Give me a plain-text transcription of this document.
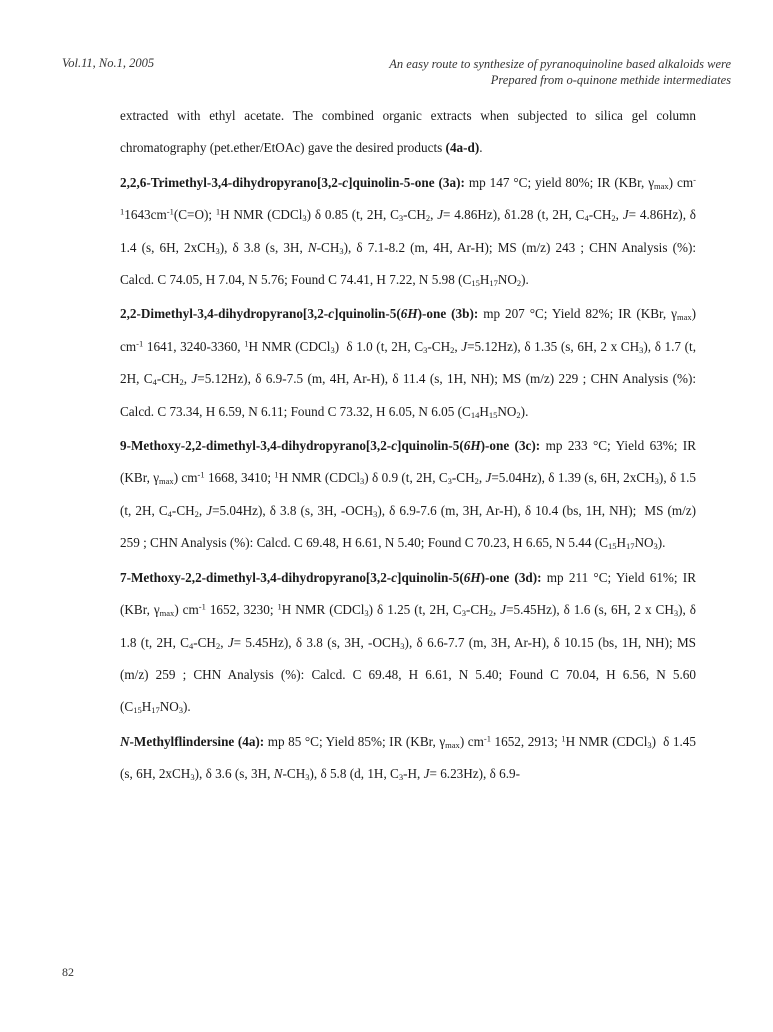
Vol.11, No.1, 2005	An easy route to synthesize of pyranoquinoline based alkaloids were
Prepared from o-quinone methide intermediates

extracted with ethyl acetate. The combined organic extracts when subjected to silica gel column chromatography (pet.ether/EtOAc) gave the desired products (4a-d).

2,2,6-Trimethyl-3,4-dihydropyrano[3,2-c]quinolin-5-one (3a): mp 147 °C; yield 80%; IR (KBr, $\gamma_{max}$) $cm^{-1}1643cm^{-1}(C=O)$; $^1$H NMR (CDCl$_3$) δ 0.85 (t, 2H, $C_3-CH_2$, J= 4.86Hz), δ1.28 (t, 2H, $C_4-CH_2$, J= 4.86Hz), δ 1.4 (s, 6H, 2xCH$_3$), δ 3.8 (s, 3H, $N-CH_3$), δ 7.1-8.2 (m, 4H, Ar-H); MS (m/z) 243 ; CHN Analysis (%): Calcd. C 74.05, H 7.04, N 5.76; Found C 74.41, H 7.22, N 5.98 $(C_{15}H_{17}NO_2)$.

2,2-Dimethyl-3,4-dihydropyrano[3,2-c]quinolin-5(6H)-one (3b): mp 207 °C; Yield 82%; IR (KBr, $\gamma_{max}$) $cm^{-1}$ 1641, 3240-3360, $^1$H NMR (CDCl$_3$)  δ 1.0 (t, 2H, $C_3-CH_2$, J=5.12Hz), δ 1.35 (s, 6H, 2 x $CH_3$), δ 1.7 (t, 2H, $C_4-CH_2$, J=5.12Hz), δ 6.9-7.5 (m, 4H, Ar-H), δ 11.4 (s, 1H, NH); MS (m/z) 229 ; CHN Analysis (%): Calcd. C 73.34, H 6.59, N 6.11; Found C 73.32, H 6.05, N 6.05 $(C_{14}H_{15}NO_2)$.

9-Methoxy-2,2-dimethyl-3,4-dihydropyrano[3,2-c]quinolin-5(6H)-one (3c): mp 233 °C; Yield 63%; IR (KBr, $\gamma_{max}$) $cm^{-1}$ 1668, 3410; $^1$H NMR (CDCl$_3$) δ 0.9 (t, 2H, $C_3-CH_2$, J=5.04Hz), δ 1.39 (s, 6H, 2xCH$_3$), δ 1.5 (t, 2H, $C_4-CH_2$, J=5.04Hz), δ 3.8 (s, 3H, $-OCH_3$), δ 6.9-7.6 (m, 3H, Ar-H), δ 10.4 (bs, 1H, NH);  MS (m/z) 259 ; CHN Analysis (%): Calcd. C 69.48, H 6.61, N 5.40; Found C 70.23, H 6.65, N 5.44 $(C_{15}H_{17}NO_3)$.

7-Methoxy-2,2-dimethyl-3,4-dihydropyrano[3,2-c]quinolin-5(6H)-one (3d): mp 211 °C; Yield 61%; IR (KBr, $\gamma_{max}$) $cm^{-1}$ 1652, 3230; $^1$H NMR (CDCl$_3$) δ 1.25 (t, 2H, $C_3-CH_2$, J=5.45Hz), δ 1.6 (s, 6H, 2 x $CH_3$), δ 1.8 (t, 2H, $C_4-CH_2$, J= 5.45Hz), δ 3.8 (s, 3H, $-OCH_3$), δ 6.6-7.7 (m, 3H, Ar-H), δ 10.15 (bs, 1H, NH); MS (m/z) 259 ; CHN Analysis (%): Calcd. C 69.48, H 6.61, N 5.40; Found C 70.04, H 6.56, N 5.60 $(C_{15}H_{17}NO_3)$.

N-Methylflindersine (4a): mp 85 °C; Yield 85%; IR (KBr, $\gamma_{max}$) $cm^{-1}$ 1652, 2913; $^1$H NMR (CDCl$_3$)  δ 1.45 (s, 6H, 2xCH$_3$), δ 3.6 (s, 3H, $N-CH_3$), δ 5.8 (d, 1H, $C_3-H$, J= 6.23Hz), δ 6.9-

82
